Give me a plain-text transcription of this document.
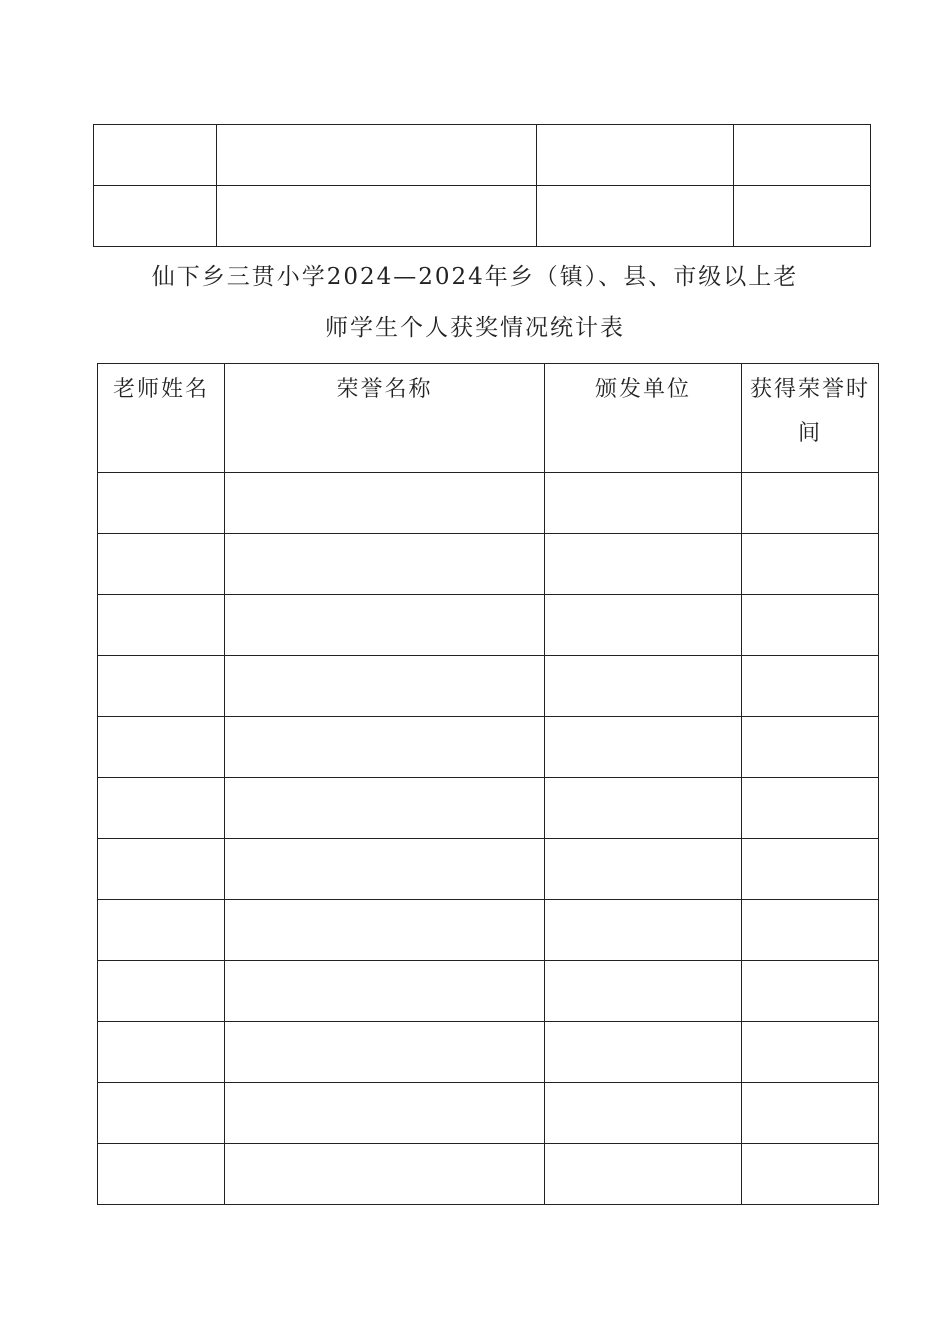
仙下乡三贯小学2024—2024年乡（镇）、县、市级以上老
师学生个人获奖情况统计表
老师姓名	荣誉名称	颁发单位	获得荣誉时间
